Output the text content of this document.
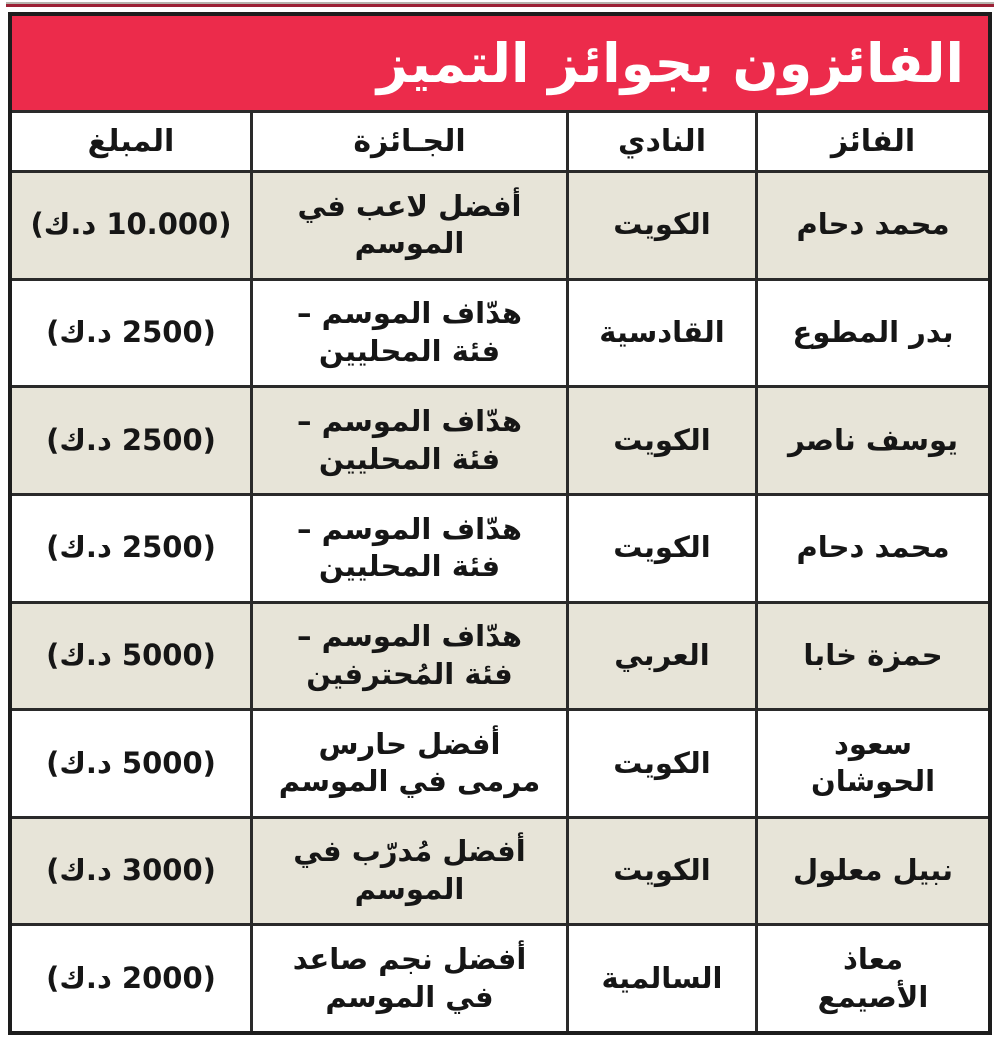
الفائزون بجوائز التميز
الفائز
النادي
الجـائزة
المبلغ
محمد دحام
الكويت
أفضل لاعب في الموسم
(10.000 د.ك)
بدر المطوع
القادسية
هدّاف الموسم – فئة المحليين
(2500 د.ك)
يوسف ناصر
الكويت
هدّاف الموسم – فئة المحليين
(2500 د.ك)
محمد دحام
الكويت
هدّاف الموسم – فئة المحليين
(2500 د.ك)
حمزة خابا
العربي
هدّاف الموسم – فئة المُحترفين
(5000 د.ك)
سعود الحوشان
الكويت
أفضل حارس مرمى في الموسم
(5000 د.ك)
نبيل معلول
الكويت
أفضل مُدرّب في الموسم
(3000 د.ك)
معاذ الأصيمع
السالمية
أفضل نجم صاعد في الموسم
(2000 د.ك)
